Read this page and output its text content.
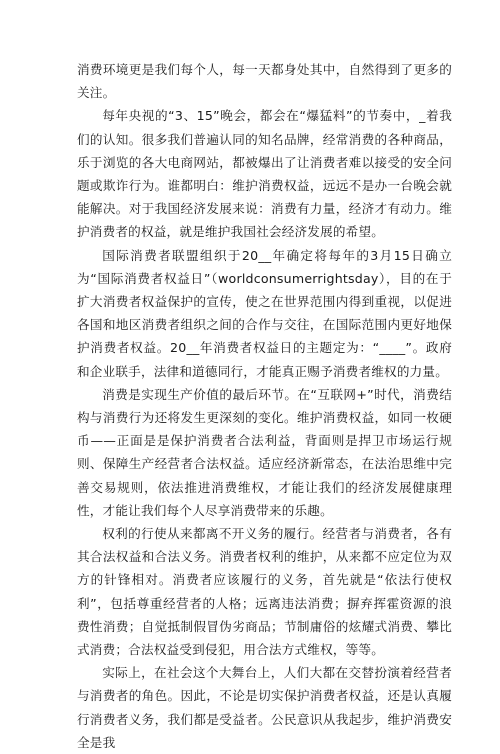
消费环境更是我们每个人，每一天都身处其中，自然得到了更多的关注。

每年央视的“3、15”晚会，都会在“爆猛料”的节奏中，_着我们的认知。很多我们普遍认同的知名品牌，经常消费的各种商品，乐于浏览的各大电商网站，都被爆出了让消费者难以接受的安全问题或欺诈行为。谁都明白：维护消费权益，远远不是办一台晚会就能解决。对于我国经济发展来说：消费有力量，经济才有动力。维护消费者的权益，就是维护我国社会经济发展的希望。

国际消费者联盟组织于20__年确定将每年的3月15日确立为“国际消费者权益日”（worldconsumerrightsday），目的在于扩大消费者权益保护的宣传，使之在世界范围内得到重视，以促进各国和地区消费者组织之间的合作与交往，在国际范围内更好地保护消费者权益。20__年消费者权益日的主题定为：“____”。政府和企业联手，法律和道德同行，才能真正赐予消费者维权的力量。

消费是实现生产价值的最后环节。在“互联网+”时代，消费结构与消费行为还将发生更深刻的变化。维护消费权益，如同一枚硬币——正面是是保护消费者合法利益，背面则是捍卫市场运行规则、保障生产经营者合法权益。适应经济新常态，在法治思维中完善交易规则，依法推进消费维权，才能让我们的经济发展健康理性，才能让我们每个人尽享消费带来的乐趣。

权利的行使从来都离不开义务的履行。经营者与消费者，各有其合法权益和合法义务。消费者权利的维护，从来都不应定位为双方的针锋相对。消费者应该履行的义务，首先就是“依法行使权利”，包括尊重经营者的人格；远离违法消费；摒弃挥霍资源的浪费性消费；自觉抵制假冒伪劣商品；节制庸俗的炫耀式消费、攀比式消费；合法权益受到侵犯，用合法方式维权，等等。

实际上，在社会这个大舞台上，人们大都在交替扮演着经营者与消费者的角色。因此，不论是切实保护消费者权益，还是认真履行消费者义务，我们都是受益者。公民意识从我起步，维护消费安全是我
